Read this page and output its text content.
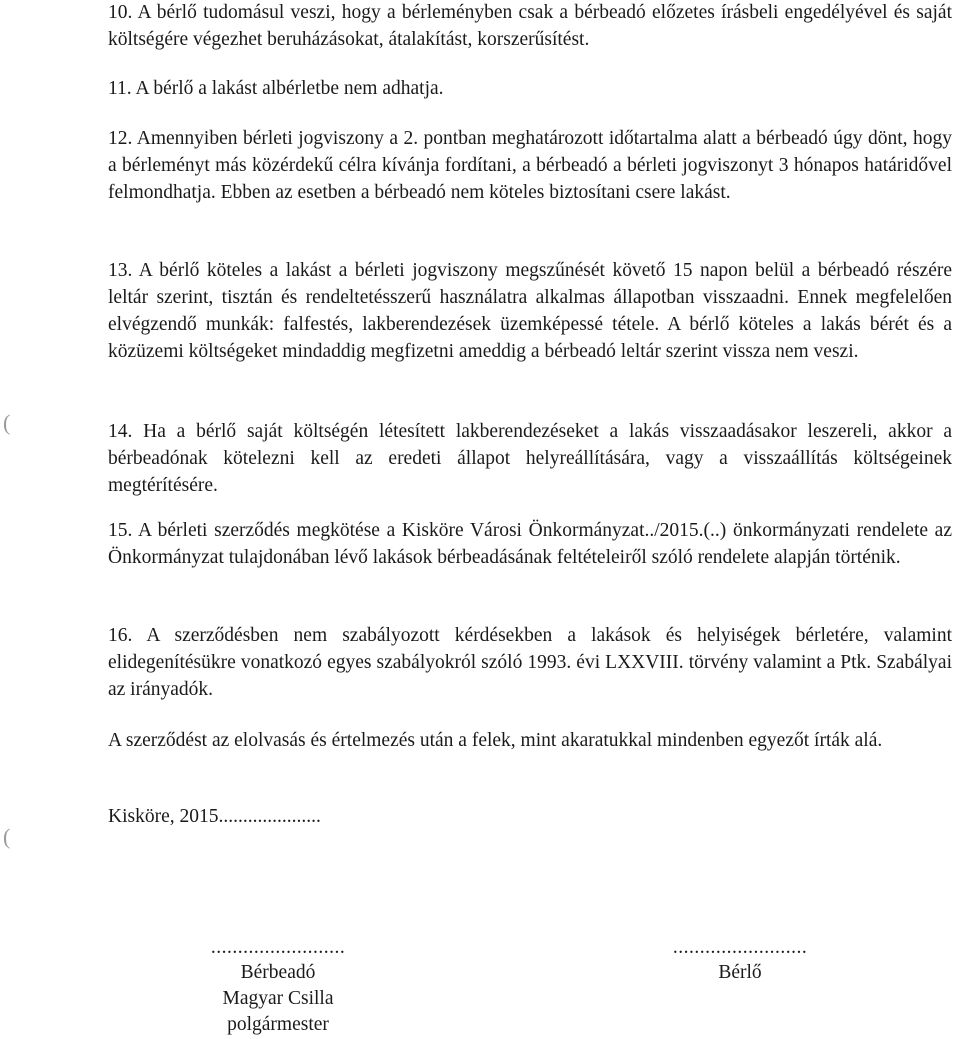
(
(

10. A bérlő tudomásul veszi, hogy a bérleményben csak a bérbeadó előzetes írásbeli engedélyével és saját költségére végezhet beruházásokat, átalakítást, korszerűsítést.

11. A bérlő a lakást albérletbe nem adhatja.

12. Amennyiben bérleti jogviszony a 2. pontban meghatározott időtartalma alatt a bérbeadó úgy dönt, hogy a bérleményt más közérdekű célra kívánja fordítani, a bérbeadó a bérleti jogviszonyt 3 hónapos határidővel felmondhatja. Ebben az esetben a bérbeadó nem köteles biztosítani csere lakást.

13. A bérlő köteles a lakást a bérleti jogviszony megszűnését követő 15 napon belül a bérbeadó részére leltár szerint, tisztán és rendeltetésszerű használatra alkalmas állapotban visszaadni. Ennek megfelelően elvégzendő munkák: falfestés, lakberendezések üzemképessé tétele. A bérlő köteles a lakás bérét és a közüzemi költségeket mindaddig megfizetni ameddig a bérbeadó leltár szerint vissza nem veszi.

14. Ha a bérlő saját költségén létesített lakberendezéseket a lakás visszaadásakor leszereli, akkor a bérbeadónak kötelezni kell az eredeti állapot helyreállítására, vagy a visszaállítás költségeinek megtérítésére.

15. A bérleti szerződés megkötése a Kisköre Városi Önkormányzat../2015.(..) önkormányzati rendelete az Önkormányzat tulajdonában lévő lakások bérbeadásának feltételeiről szóló rendelete alapján történik.

16. A szerződésben nem szabályozott kérdésekben a lakások és helyiségek bérletére, valamint elidegenítésükre vonatkozó egyes szabályokról szóló 1993. évi LXXVIII. törvény valamint a Ptk. Szabályai az irányadók.

A szerződést az elolvasás és értelmezés után a felek, mint akaratukkal mindenben egyezőt írták alá.

Kisköre, 2015.....................
.........................
Bérbeadó
Magyar Csilla
polgármester
.........................
Bérlő
